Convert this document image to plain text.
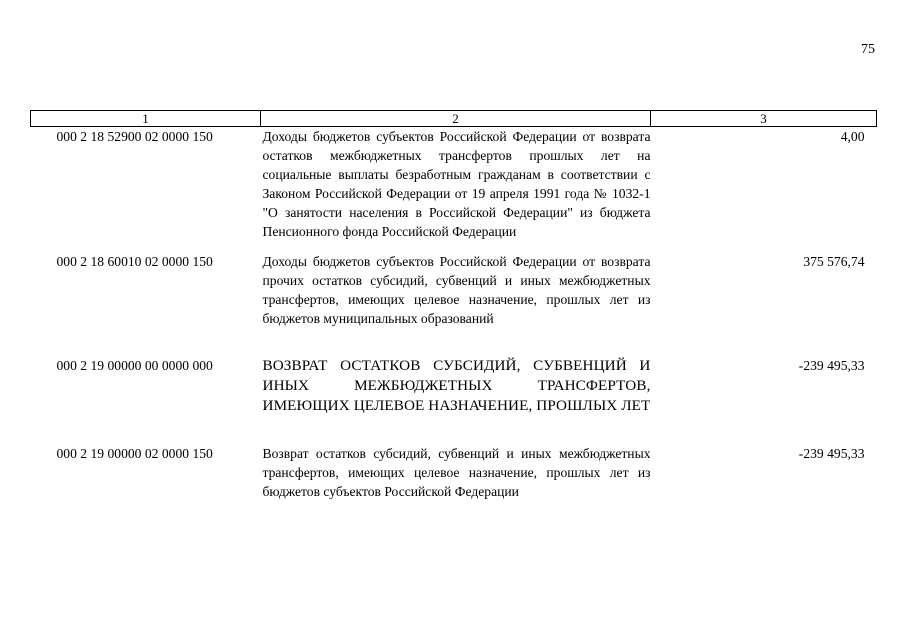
75
1	2	3
000 2 18 52900 02 0000 150	Доходы бюджетов субъектов Российской Федерации от возврата остатков межбюджетных трансфертов прошлых лет на социальные выплаты безработным гражданам в соответствии с Законом Российской Федерации от 19 апреля 1991 года № 1032-1 "О занятости населения в Российской Федерации" из бюджета Пенсионного фонда Российской Федерации	4,00
000 2 18 60010 02 0000 150	Доходы бюджетов субъектов Российской Федерации от возврата прочих остатков субсидий, субвенций и иных межбюджетных трансфертов, имеющих целевое назначение, прошлых лет из бюджетов муниципальных образований	375 576,74
000 2 19 00000 00 0000 000	ВОЗВРАТ ОСТАТКОВ СУБСИДИЙ, СУБВЕНЦИЙ И ИНЫХ МЕЖБЮДЖЕТНЫХ ТРАНСФЕРТОВ, ИМЕЮЩИХ ЦЕЛЕВОЕ НАЗНАЧЕНИЕ, ПРОШЛЫХ ЛЕТ	-239 495,33
000 2 19 00000 02 0000 150	Возврат остатков субсидий, субвенций и иных межбюджетных трансфертов, имеющих целевое назначение, прошлых лет из бюджетов субъектов Российской Федерации	-239 495,33
